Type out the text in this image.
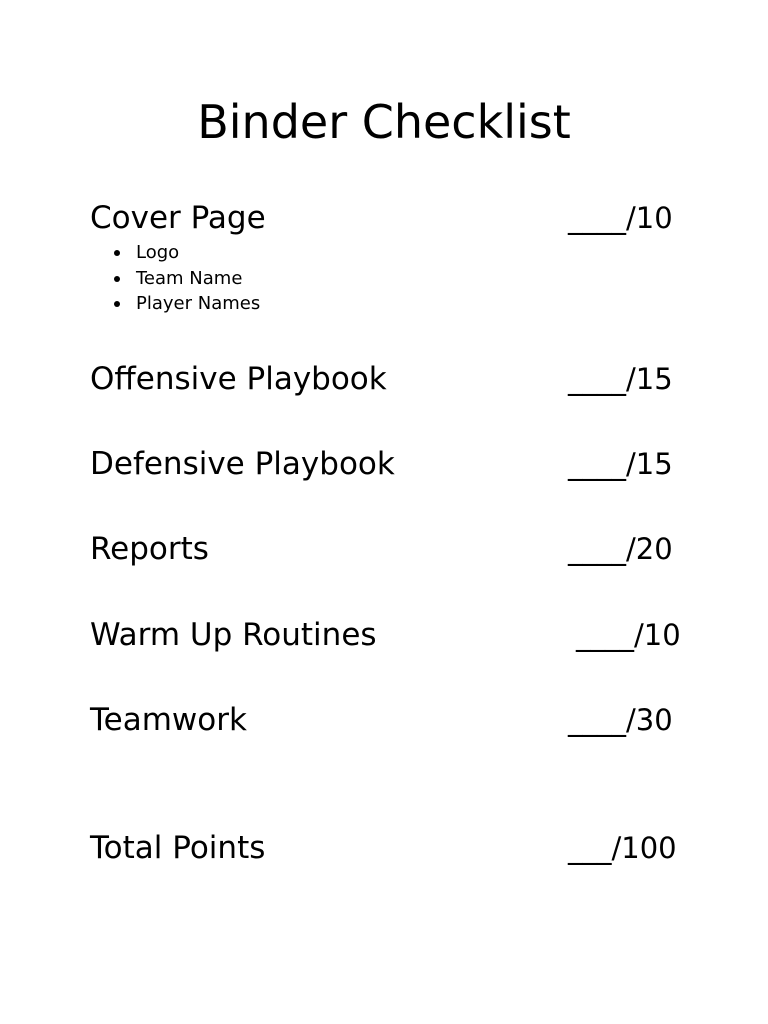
Binder Checklist
Cover Page	____/10
Logo
Team Name
Player Names
Offensive Playbook	____/15
Defensive Playbook	____/15
Reports	____/20
Warm Up Routines	____/10
Teamwork	____/30
Total Points	___/100
